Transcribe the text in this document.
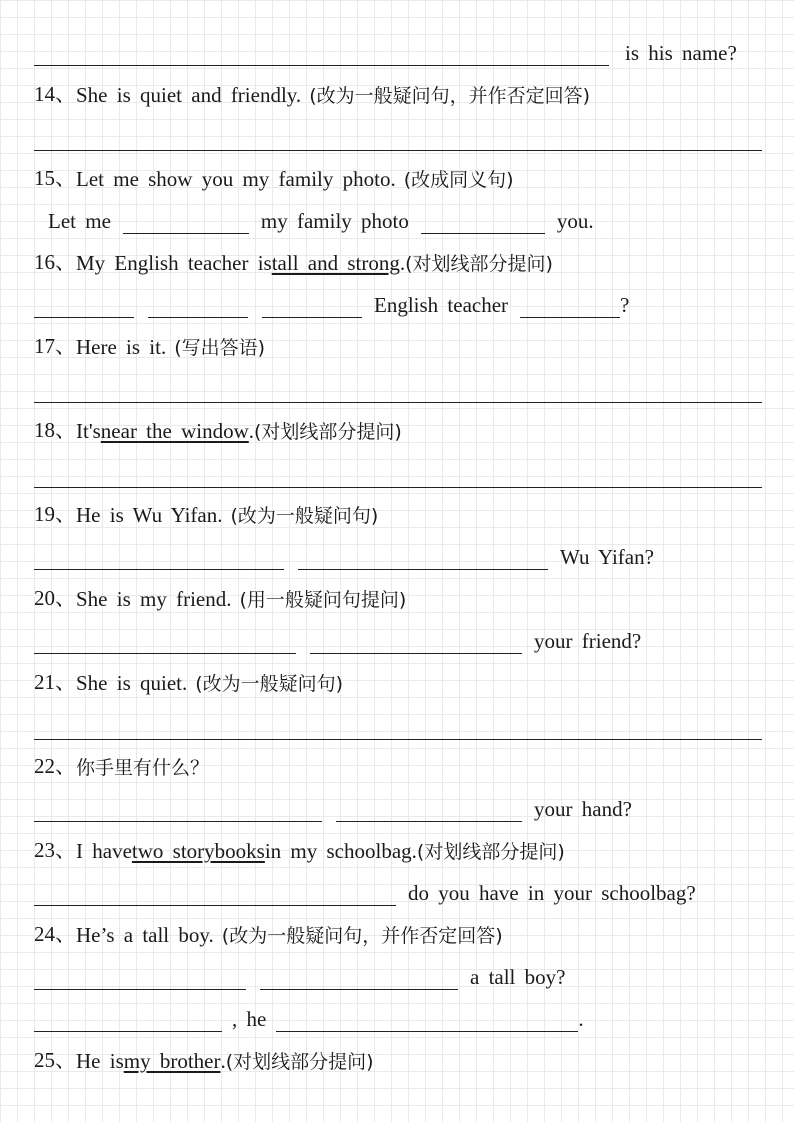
is his name?
14、 She is quiet and friendly. (改为一般疑问句，并作否定回答)
15、 Let me show you my family photo. (改成同义句)
Let me	my family photo	you.
16、 My English teacher is tall and strong . (对划线部分提问)
English teacher	?
17、 Here is it. (写出答语)
18、 It's near the window . (对划线部分提问)
19、 He is Wu Yifan. (改为一般疑问句)
Wu Yifan?
20、 She is my friend. (用一般疑问句提问)
your friend?
21、 She is quiet. (改为一般疑问句)
22、 你手里有什么？
your hand?
23、 I have two storybooks in my schoolbag. (对划线部分提问)
do you have in your schoolbag?
24、 He’s a tall boy. (改为一般疑问句，并作否定回答)
a tall boy?
, he	.
25、 He is my brother . (对划线部分提问)
